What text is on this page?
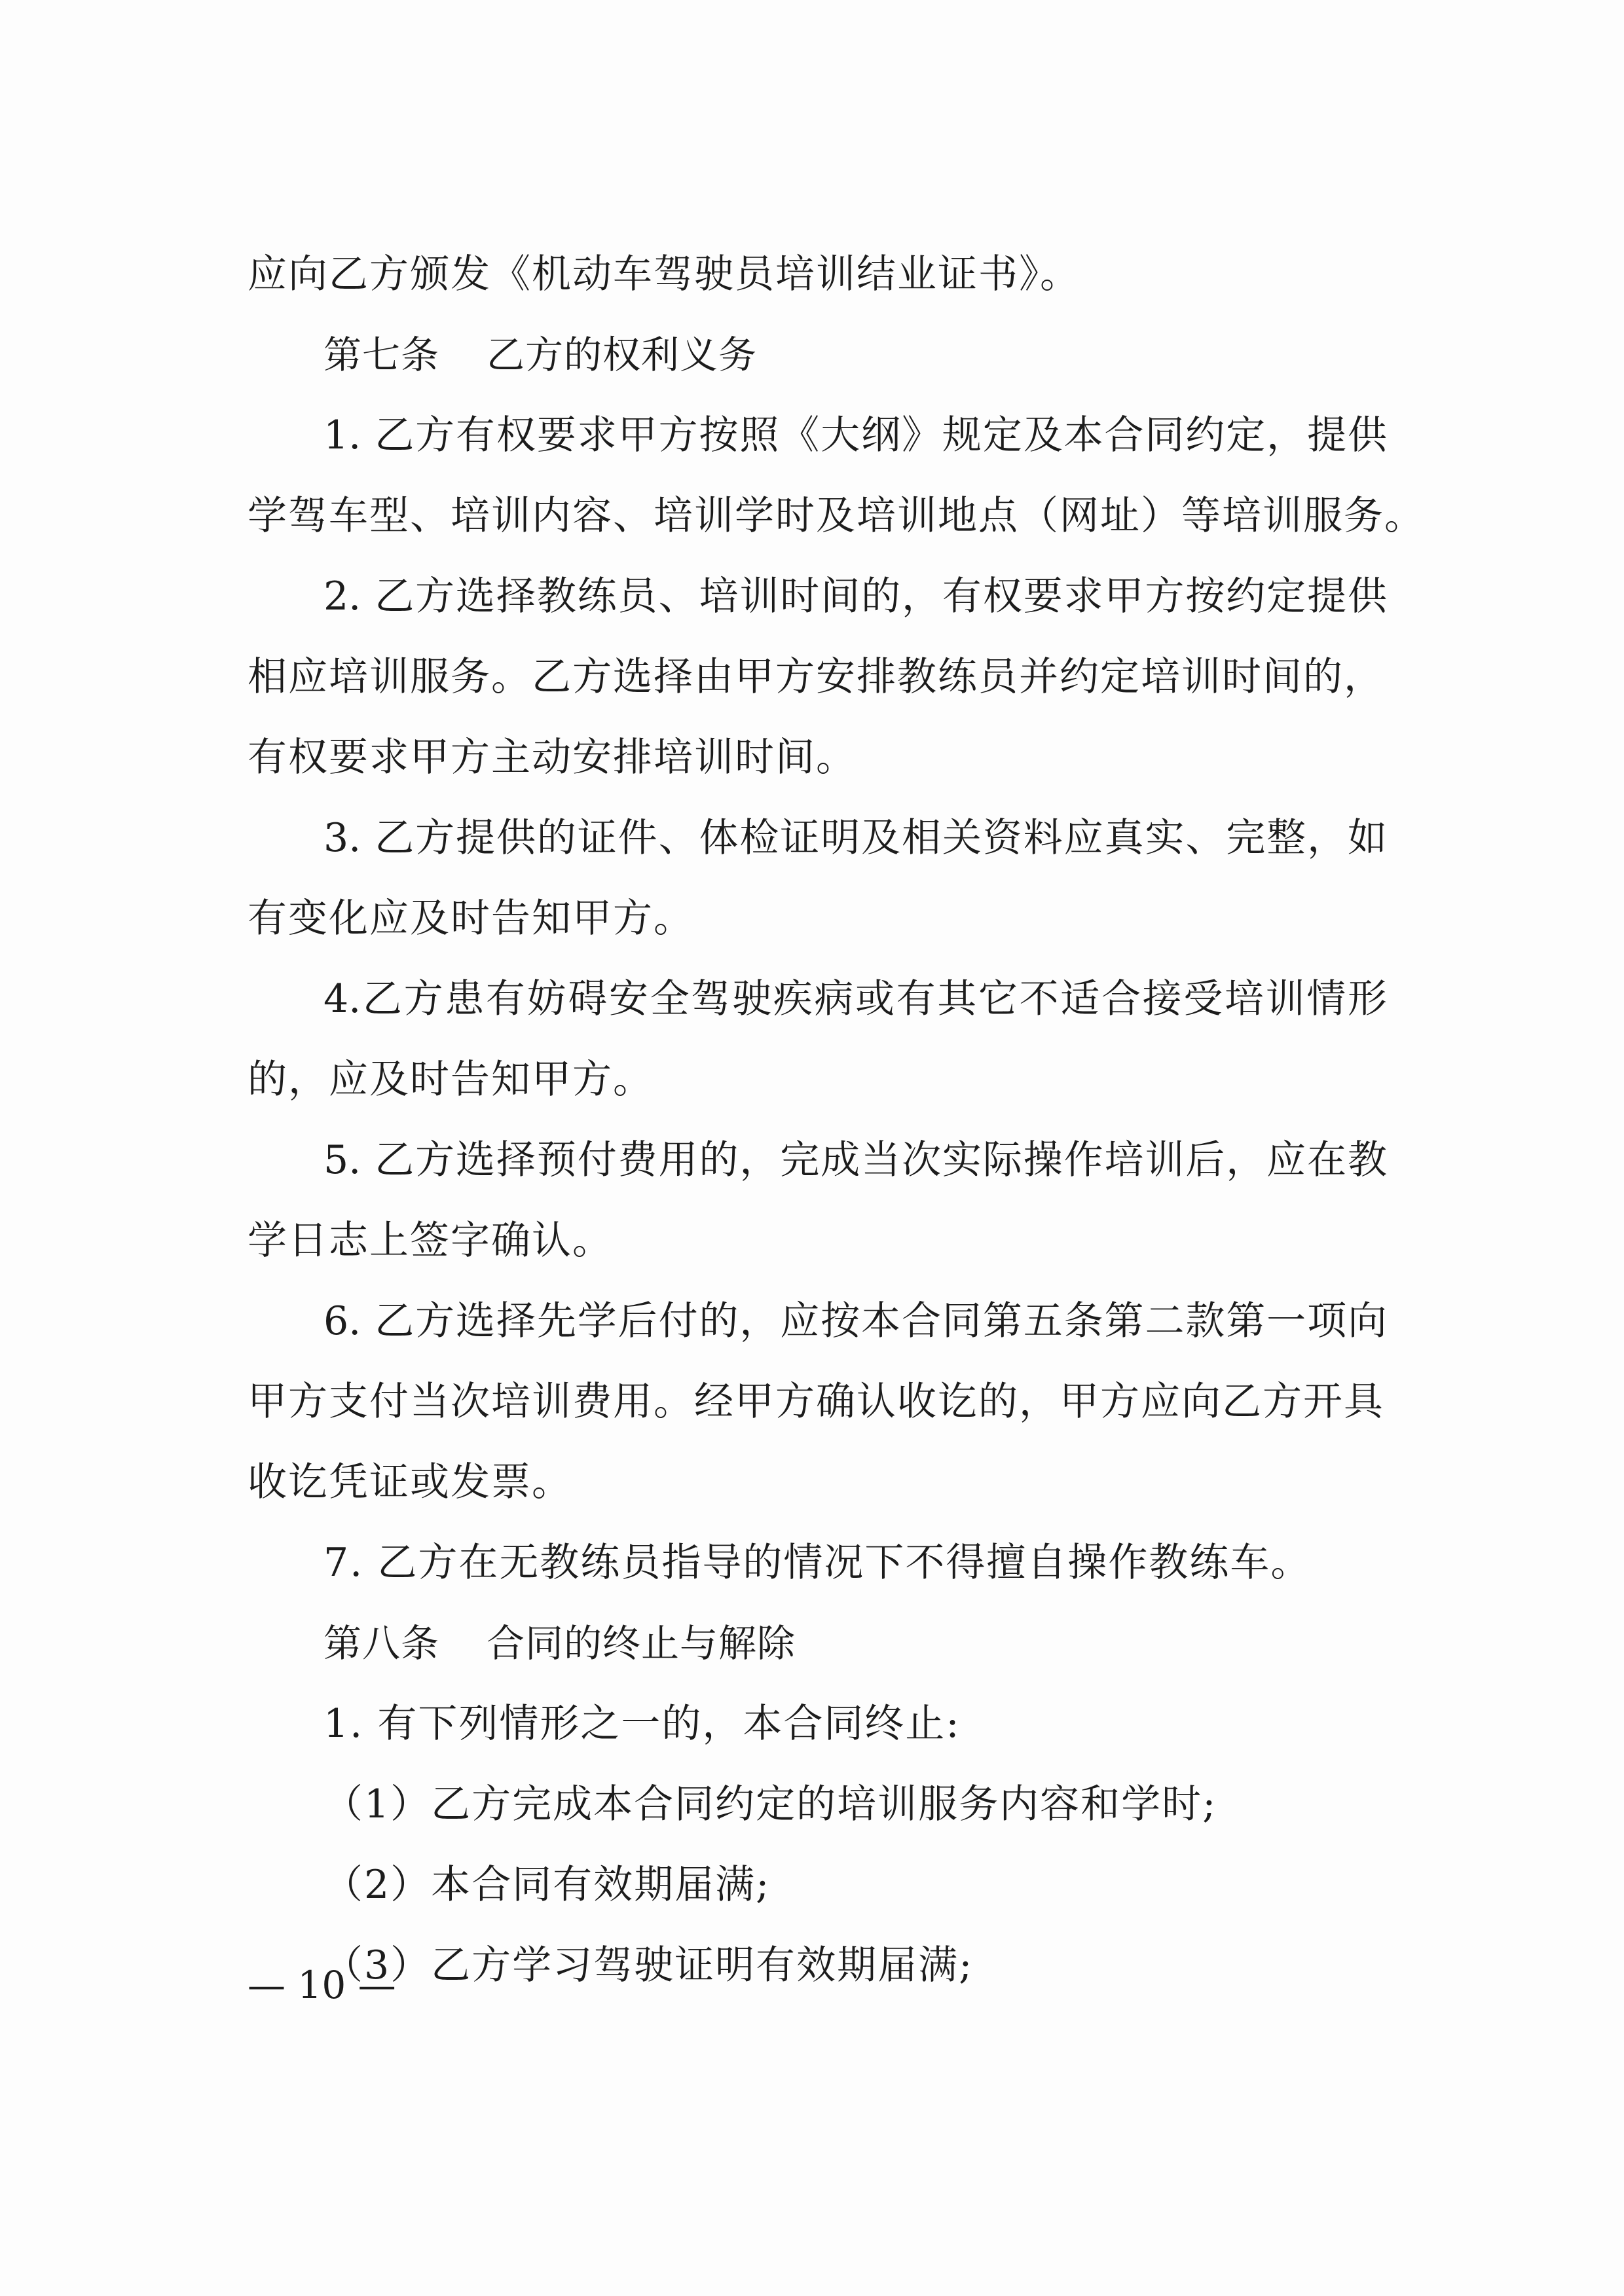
应向乙方颁发《机动车驾驶员培训结业证书》。
第七条 乙方的权利义务
1. 乙方有权要求甲方按照《大纲》规定及本合同约定，提供
学驾车型、培训内容、培训学时及培训地点（网址）等培训服务。
2. 乙方选择教练员、培训时间的，有权要求甲方按约定提供
相应培训服务。乙方选择由甲方安排教练员并约定培训时间的，
有权要求甲方主动安排培训时间。
3. 乙方提供的证件、体检证明及相关资料应真实、完整，如
有变化应及时告知甲方。
4.乙方患有妨碍安全驾驶疾病或有其它不适合接受培训情形
的，应及时告知甲方。
5. 乙方选择预付费用的，完成当次实际操作培训后，应在教
学日志上签字确认。
6. 乙方选择先学后付的，应按本合同第五条第二款第一项向
甲方支付当次培训费用。经甲方确认收讫的，甲方应向乙方开具
收讫凭证或发票。
7. 乙方在无教练员指导的情况下不得擅自操作教练车。
第八条 合同的终止与解除
1. 有下列情形之一的，本合同终止:
（1）乙方完成本合同约定的培训服务内容和学时;
（2）本合同有效期届满;
（3）乙方学习驾驶证明有效期届满;
— 10 —
